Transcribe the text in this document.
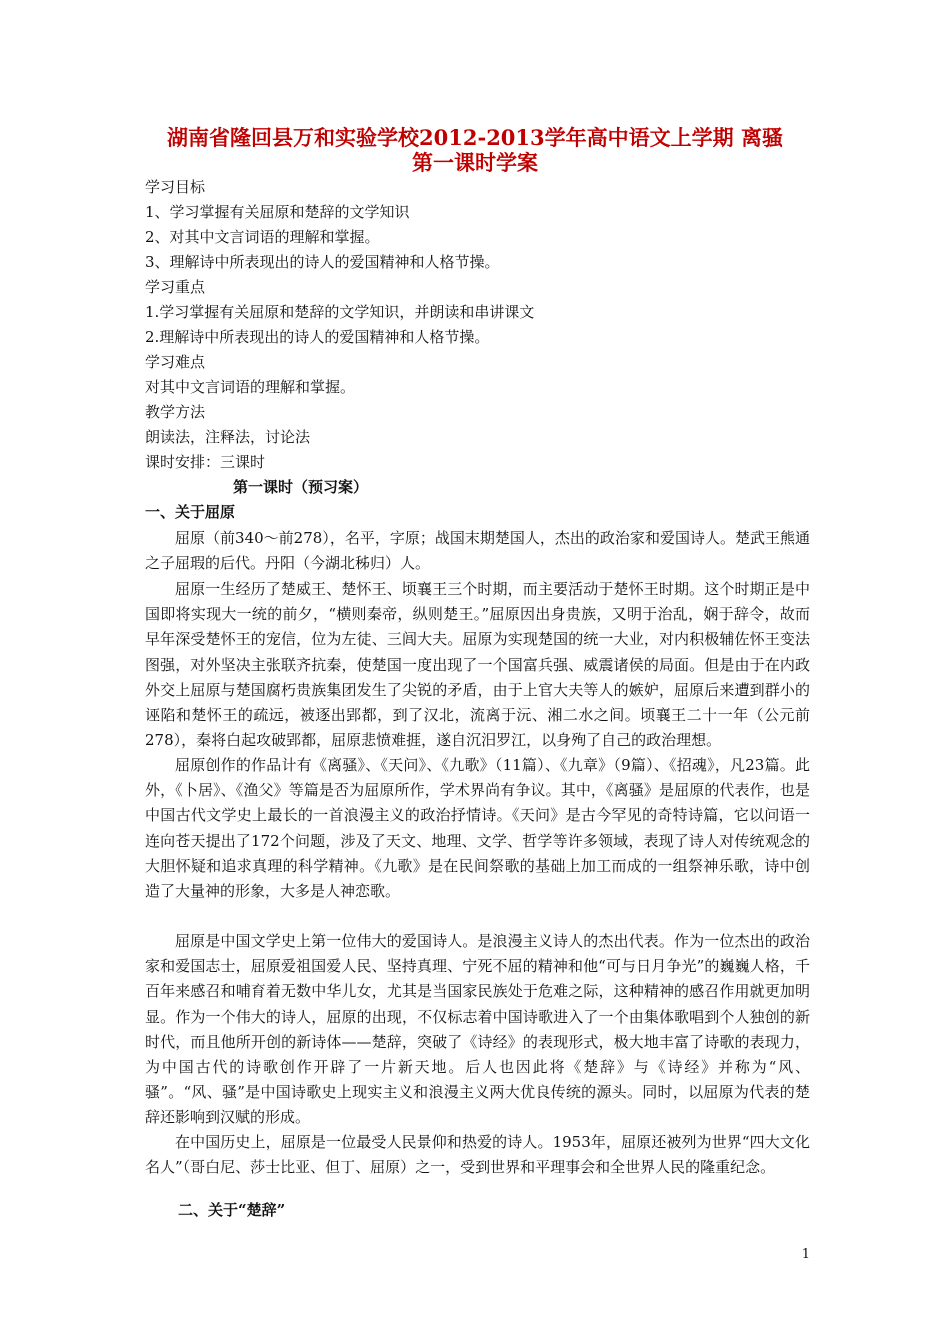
湖南省隆回县万和实验学校2012-2013学年高中语文上学期 离骚
第一课时学案
学习目标
1、学习掌握有关屈原和楚辞的文学知识
2、对其中文言词语的理解和掌握。
3、理解诗中所表现出的诗人的爱国精神和人格节操。
学习重点
1.学习掌握有关屈原和楚辞的文学知识，并朗读和串讲课文
2.理解诗中所表现出的诗人的爱国精神和人格节操。
学习难点
对其中文言词语的理解和掌握。
教学方法
朗读法，注释法，讨论法
课时安排：三课时
第一课时（预习案）
一、关于屈原
屈原（前340～前278），名平，字原；战国末期楚国人，杰出的政治家和爱国诗人。楚武王熊通之子屈瑕的后代。丹阳（今湖北秭归）人。
屈原一生经历了楚威王、楚怀王、顷襄王三个时期，而主要活动于楚怀王时期。这个时期正是中国即将实现大一统的前夕，“横则秦帝，纵则楚王。”屈原因出身贵族，又明于治乱，娴于辞令，故而早年深受楚怀王的宠信，位为左徒、三闾大夫。屈原为实现楚国的统一大业，对内积极辅佐怀王变法图强，对外坚决主张联齐抗秦，使楚国一度出现了一个国富兵强、威震诸侯的局面。但是由于在内政外交上屈原与楚国腐朽贵族集团发生了尖锐的矛盾，由于上官大夫等人的嫉妒，屈原后来遭到群小的诬陷和楚怀王的疏远，被逐出郢都，到了汉北，流离于沅、湘二水之间。顷襄王二十一年（公元前278），秦将白起攻破郢都，屈原悲愤难捱，遂自沉汨罗江，以身殉了自己的政治理想。
屈原创作的作品计有《离骚》、《天问》、《九歌》（11篇）、《九章》（9篇）、《招魂》，凡23篇。此外，《卜居》、《渔父》等篇是否为屈原所作，学术界尚有争议。其中，《离骚》是屈原的代表作，也是中国古代文学史上最长的一首浪漫主义的政治抒情诗。《天问》是古今罕见的奇特诗篇，它以问语一连向苍天提出了172个问题，涉及了天文、地理、文学、哲学等许多领域，表现了诗人对传统观念的大胆怀疑和追求真理的科学精神。《九歌》是在民间祭歌的基础上加工而成的一组祭神乐歌，诗中创造了大量神的形象，大多是人神恋歌。
屈原是中国文学史上第一位伟大的爱国诗人。是浪漫主义诗人的杰出代表。作为一位杰出的政治家和爱国志士，屈原爱祖国爱人民、坚持真理、宁死不屈的精神和他“可与日月争光”的巍巍人格，千百年来感召和哺育着无数中华儿女，尤其是当国家民族处于危难之际，这种精神的感召作用就更加明显。作为一个伟大的诗人，屈原的出现，不仅标志着中国诗歌进入了一个由集体歌唱到个人独创的新时代，而且他所开创的新诗体——楚辞，突破了《诗经》的表现形式，极大地丰富了诗歌的表现力，为中国古代的诗歌创作开辟了一片新天地。后人也因此将《楚辞》与《诗经》并称为“风、骚”。“风、骚”是中国诗歌史上现实主义和浪漫主义两大优良传统的源头。同时，以屈原为代表的楚辞还影响到汉赋的形成。
在中国历史上，屈原是一位最受人民景仰和热爱的诗人。1953年，屈原还被列为世界“四大文化名人”（哥白尼、莎士比亚、但丁、屈原）之一，受到世界和平理事会和全世界人民的隆重纪念。
二、关于“楚辞”
1
